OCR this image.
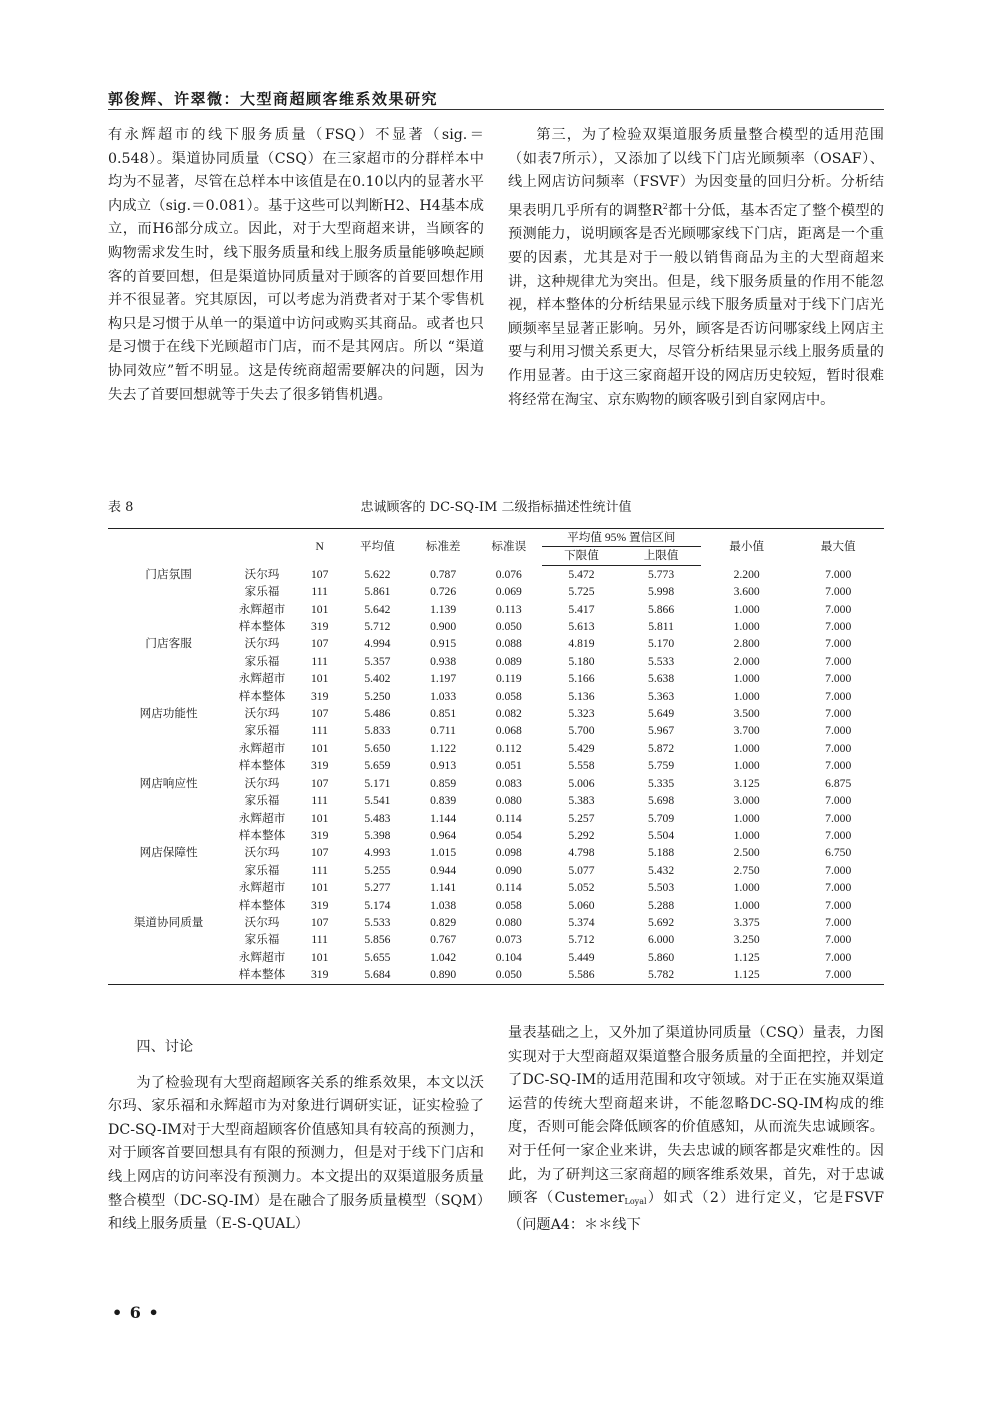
郭俊辉、许翠微：大型商超顾客维系效果研究

有永辉超市的线下服务质量（FSQ）不显著（sig.＝0.548）。渠道协同质量（CSQ）在三家超市的分群样本中均为不显著，尽管在总样本中该值是在0.10以内的显著水平内成立（sig.＝0.081）。基于这些可以判断H2、H4基本成立，而H6部分成立。因此，对于大型商超来讲，当顾客的购物需求发生时，线下服务质量和线上服务质量能够唤起顾客的首要回想，但是渠道协同质量对于顾客的首要回想作用并不很显著。究其原因，可以考虑为消费者对于某个零售机构只是习惯于从单一的渠道中访问或购买其商品。或者也只是习惯于在线下光顾超市门店，而不是其网店。所以 “渠道协同效应”暂不明显。这是传统商超需要解决的问题，因为失去了首要回想就等于失去了很多销售机遇。

第三，为了检验双渠道服务质量整合模型的适用范围（如表7所示），又添加了以线下门店光顾频率（OSAF）、线上网店访问频率（FSVF）为因变量的回归分析。分析结果表明几乎所有的调整$R^2$都十分低，基本否定了整个模型的预测能力，说明顾客是否光顾哪家线下门店，距离是一个重要的因素，尤其是对于一般以销售商品为主的大型商超来讲，这种规律尤为突出。但是，线下服务质量的作用不能忽视，样本整体的分析结果显示线下服务质量对于线下门店光顾频率呈显著正影响。另外，顾客是否访问哪家线上网店主要与利用习惯关系更大，尽管分析结果显示线上服务质量的作用显著。由于这三家商超开设的网店历史较短，暂时很难将经常在淘宝、京东购物的顾客吸引到自家网店中。

表 8	忠诚顾客的 DC-SQ-IM 二级指标描述性统计值
		N	平均值	标准差	标准误	平均值 95% 置信区间		最小值	最大值
						下限值	上限值		
门店氛围	沃尔玛	107	5.622	0.787	0.076	5.472	5.773	2.200	7.000
	家乐福	111	5.861	0.726	0.069	5.725	5.998	3.600	7.000
	永辉超市	101	5.642	1.139	0.113	5.417	5.866	1.000	7.000
	样本整体	319	5.712	0.900	0.050	5.613	5.811	1.000	7.000
门店客服	沃尔玛	107	4.994	0.915	0.088	4.819	5.170	2.800	7.000
	家乐福	111	5.357	0.938	0.089	5.180	5.533	2.000	7.000
	永辉超市	101	5.402	1.197	0.119	5.166	5.638	1.000	7.000
	样本整体	319	5.250	1.033	0.058	5.136	5.363	1.000	7.000
网店功能性	沃尔玛	107	5.486	0.851	0.082	5.323	5.649	3.500	7.000
	家乐福	111	5.833	0.711	0.068	5.700	5.967	3.700	7.000
	永辉超市	101	5.650	1.122	0.112	5.429	5.872	1.000	7.000
	样本整体	319	5.659	0.913	0.051	5.558	5.759	1.000	7.000
网店响应性	沃尔玛	107	5.171	0.859	0.083	5.006	5.335	3.125	6.875
	家乐福	111	5.541	0.839	0.080	5.383	5.698	3.000	7.000
	永辉超市	101	5.483	1.144	0.114	5.257	5.709	1.000	7.000
	样本整体	319	5.398	0.964	0.054	5.292	5.504	1.000	7.000
网店保障性	沃尔玛	107	4.993	1.015	0.098	4.798	5.188	2.500	6.750
	家乐福	111	5.255	0.944	0.090	5.077	5.432	2.750	7.000
	永辉超市	101	5.277	1.141	0.114	5.052	5.503	1.000	7.000
	样本整体	319	5.174	1.038	0.058	5.060	5.288	1.000	7.000
渠道协同质量	沃尔玛	107	5.533	0.829	0.080	5.374	5.692	3.375	7.000
	家乐福	111	5.856	0.767	0.073	5.712	6.000	3.250	7.000
	永辉超市	101	5.655	1.042	0.104	5.449	5.860	1.125	7.000
	样本整体	319	5.684	0.890	0.050	5.586	5.782	1.125	7.000

四、讨论

为了检验现有大型商超顾客关系的维系效果，本文以沃尔玛、家乐福和永辉超市为对象进行调研实证，证实检验了DC-SQ-IM对于大型商超顾客价值感知具有较高的预测力，对于顾客首要回想具有有限的预测力，但是对于线下门店和线上网店的访问率没有预测力。本文提出的双渠道服务质量整合模型（DC-SQ-IM）是在融合了服务质量模型（SQM）和线上服务质量（E-S-QUAL）

量表基础之上，又外加了渠道协同质量（CSQ）量表，力图实现对于大型商超双渠道整合服务质量的全面把控，并划定了DC-SQ-IM的适用范围和攻守领域。对于正在实施双渠道运营的传统大型商超来讲，不能忽略DC-SQ-IM构成的维度，否则可能会降低顾客的价值感知，从而流失忠诚顾客。对于任何一家企业来讲，失去忠诚的顾客都是灾难性的。因此，为了研判这三家商超的顾客维系效果，首先，对于忠诚顾客（Custemer$_{Loyal}$）如式（2）进行定义，它是FSVF（问题A4：＊＊线下

• 6 •
